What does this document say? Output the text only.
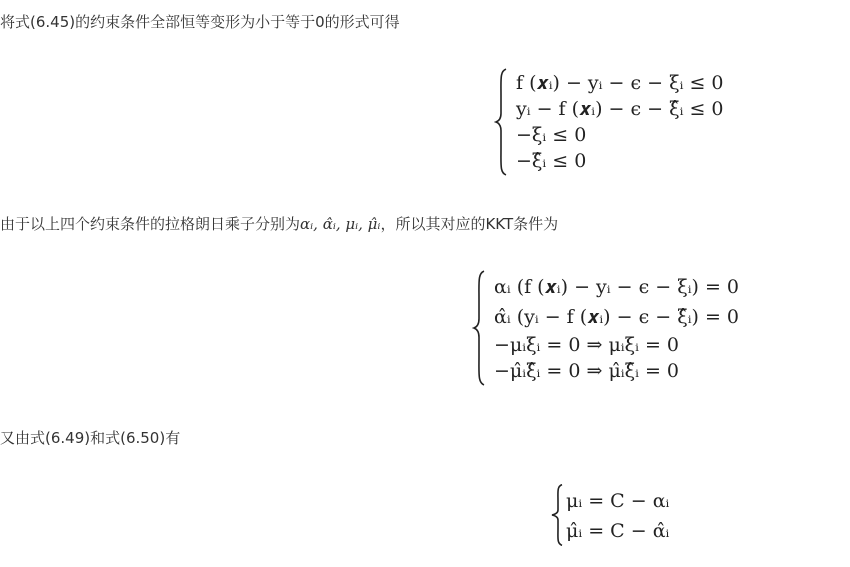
将式(6.45)的约束条件全部恒等变形为小于等于0的形式可得
f (𝒙ᵢ) − yᵢ − ϵ − ξᵢ ≤ 0
yᵢ − f (𝒙ᵢ) − ϵ − ξ̂ᵢ ≤ 0
−ξᵢ ≤ 0
−ξ̂ᵢ ≤ 0
由于以上四个约束条件的拉格朗日乘子分别为αᵢ, α̂ᵢ, μᵢ, μ̂ᵢ，所以其对应的KKT条件为
αᵢ (f (𝒙ᵢ) − yᵢ − ϵ − ξᵢ) = 0
α̂ᵢ (yᵢ − f (𝒙ᵢ) − ϵ − ξ̂ᵢ) = 0
−μᵢξᵢ = 0 ⇒ μᵢξᵢ = 0
−μ̂ᵢξ̂ᵢ = 0 ⇒ μ̂ᵢξ̂ᵢ = 0
又由式(6.49)和式(6.50)有
μᵢ = C − αᵢ
μ̂ᵢ = C − α̂ᵢ
